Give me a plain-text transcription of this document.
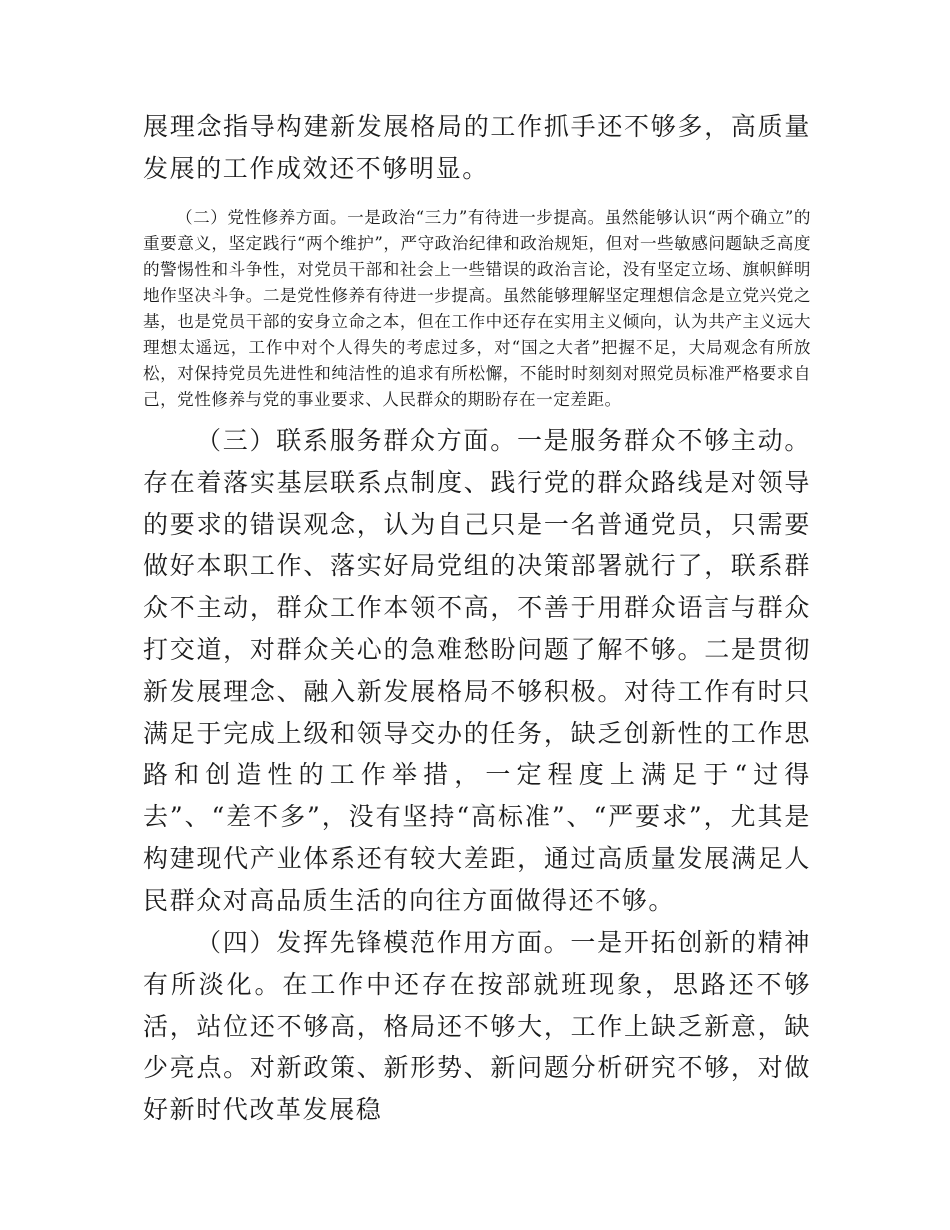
展理念指导构建新发展格局的工作抓手还不够多，高质量发展的工作成效还不够明显。

（二）党性修养方面。一是政治“三力”有待进一步提高。虽然能够认识“两个确立”的重要意义，坚定践行“两个维护”，严守政治纪律和政治规矩，但对一些敏感问题缺乏高度的警惕性和斗争性，对党员干部和社会上一些错误的政治言论，没有坚定立场、旗帜鲜明地作坚决斗争。二是党性修养有待进一步提高。虽然能够理解坚定理想信念是立党兴党之基，也是党员干部的安身立命之本，但在工作中还存在实用主义倾向，认为共产主义远大理想太遥远，工作中对个人得失的考虑过多，对“国之大者”把握不足，大局观念有所放松，对保持党员先进性和纯洁性的追求有所松懈，不能时时刻刻对照党员标准严格要求自己，党性修养与党的事业要求、人民群众的期盼存在一定差距。

（三）联系服务群众方面。一是服务群众不够主动。存在着落实基层联系点制度、践行党的群众路线是对领导的要求的错误观念，认为自己只是一名普通党员，只需要做好本职工作、落实好局党组的决策部署就行了，联系群众不主动，群众工作本领不高，不善于用群众语言与群众打交道，对群众关心的急难愁盼问题了解不够。二是贯彻新发展理念、融入新发展格局不够积极。对待工作有时只满足于完成上级和领导交办的任务，缺乏创新性的工作思路和创造性的工作举措，一定程度上满足于“过得去”、“差不多”，没有坚持“高标准”、“严要求”，尤其是构建现代产业体系还有较大差距，通过高质量发展满足人民群众对高品质生活的向往方面做得还不够。

（四）发挥先锋模范作用方面。一是开拓创新的精神有所淡化。在工作中还存在按部就班现象，思路还不够活，站位还不够高，格局还不够大，工作上缺乏新意，缺少亮点。对新政策、新形势、新问题分析研究不够，对做好新时代改革发展稳
